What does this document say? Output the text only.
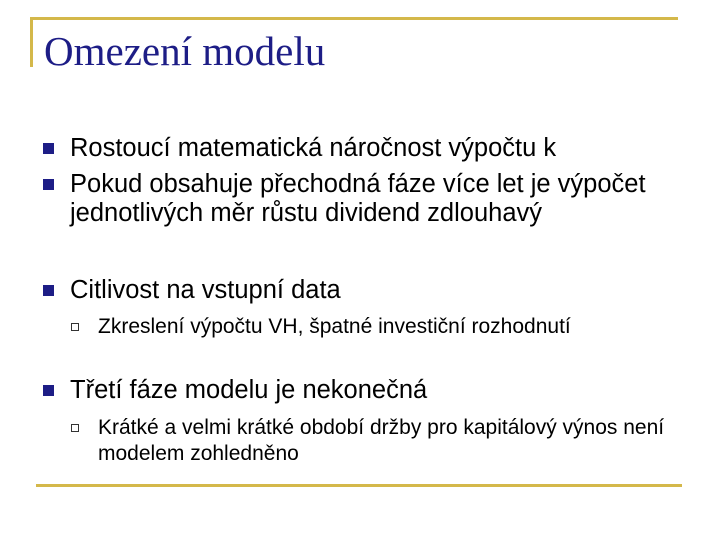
Omezení modelu
Rostoucí matematická náročnost výpočtu k
Pokud obsahuje přechodná fáze více let je výpočet jednotlivých měr růstu dividend zdlouhavý
Citlivost na vstupní data
Zkreslení výpočtu VH, špatné investiční rozhodnutí
Třetí fáze modelu je nekonečná
Krátké a velmi krátké období držby pro kapitálový výnos není modelem zohledněno
